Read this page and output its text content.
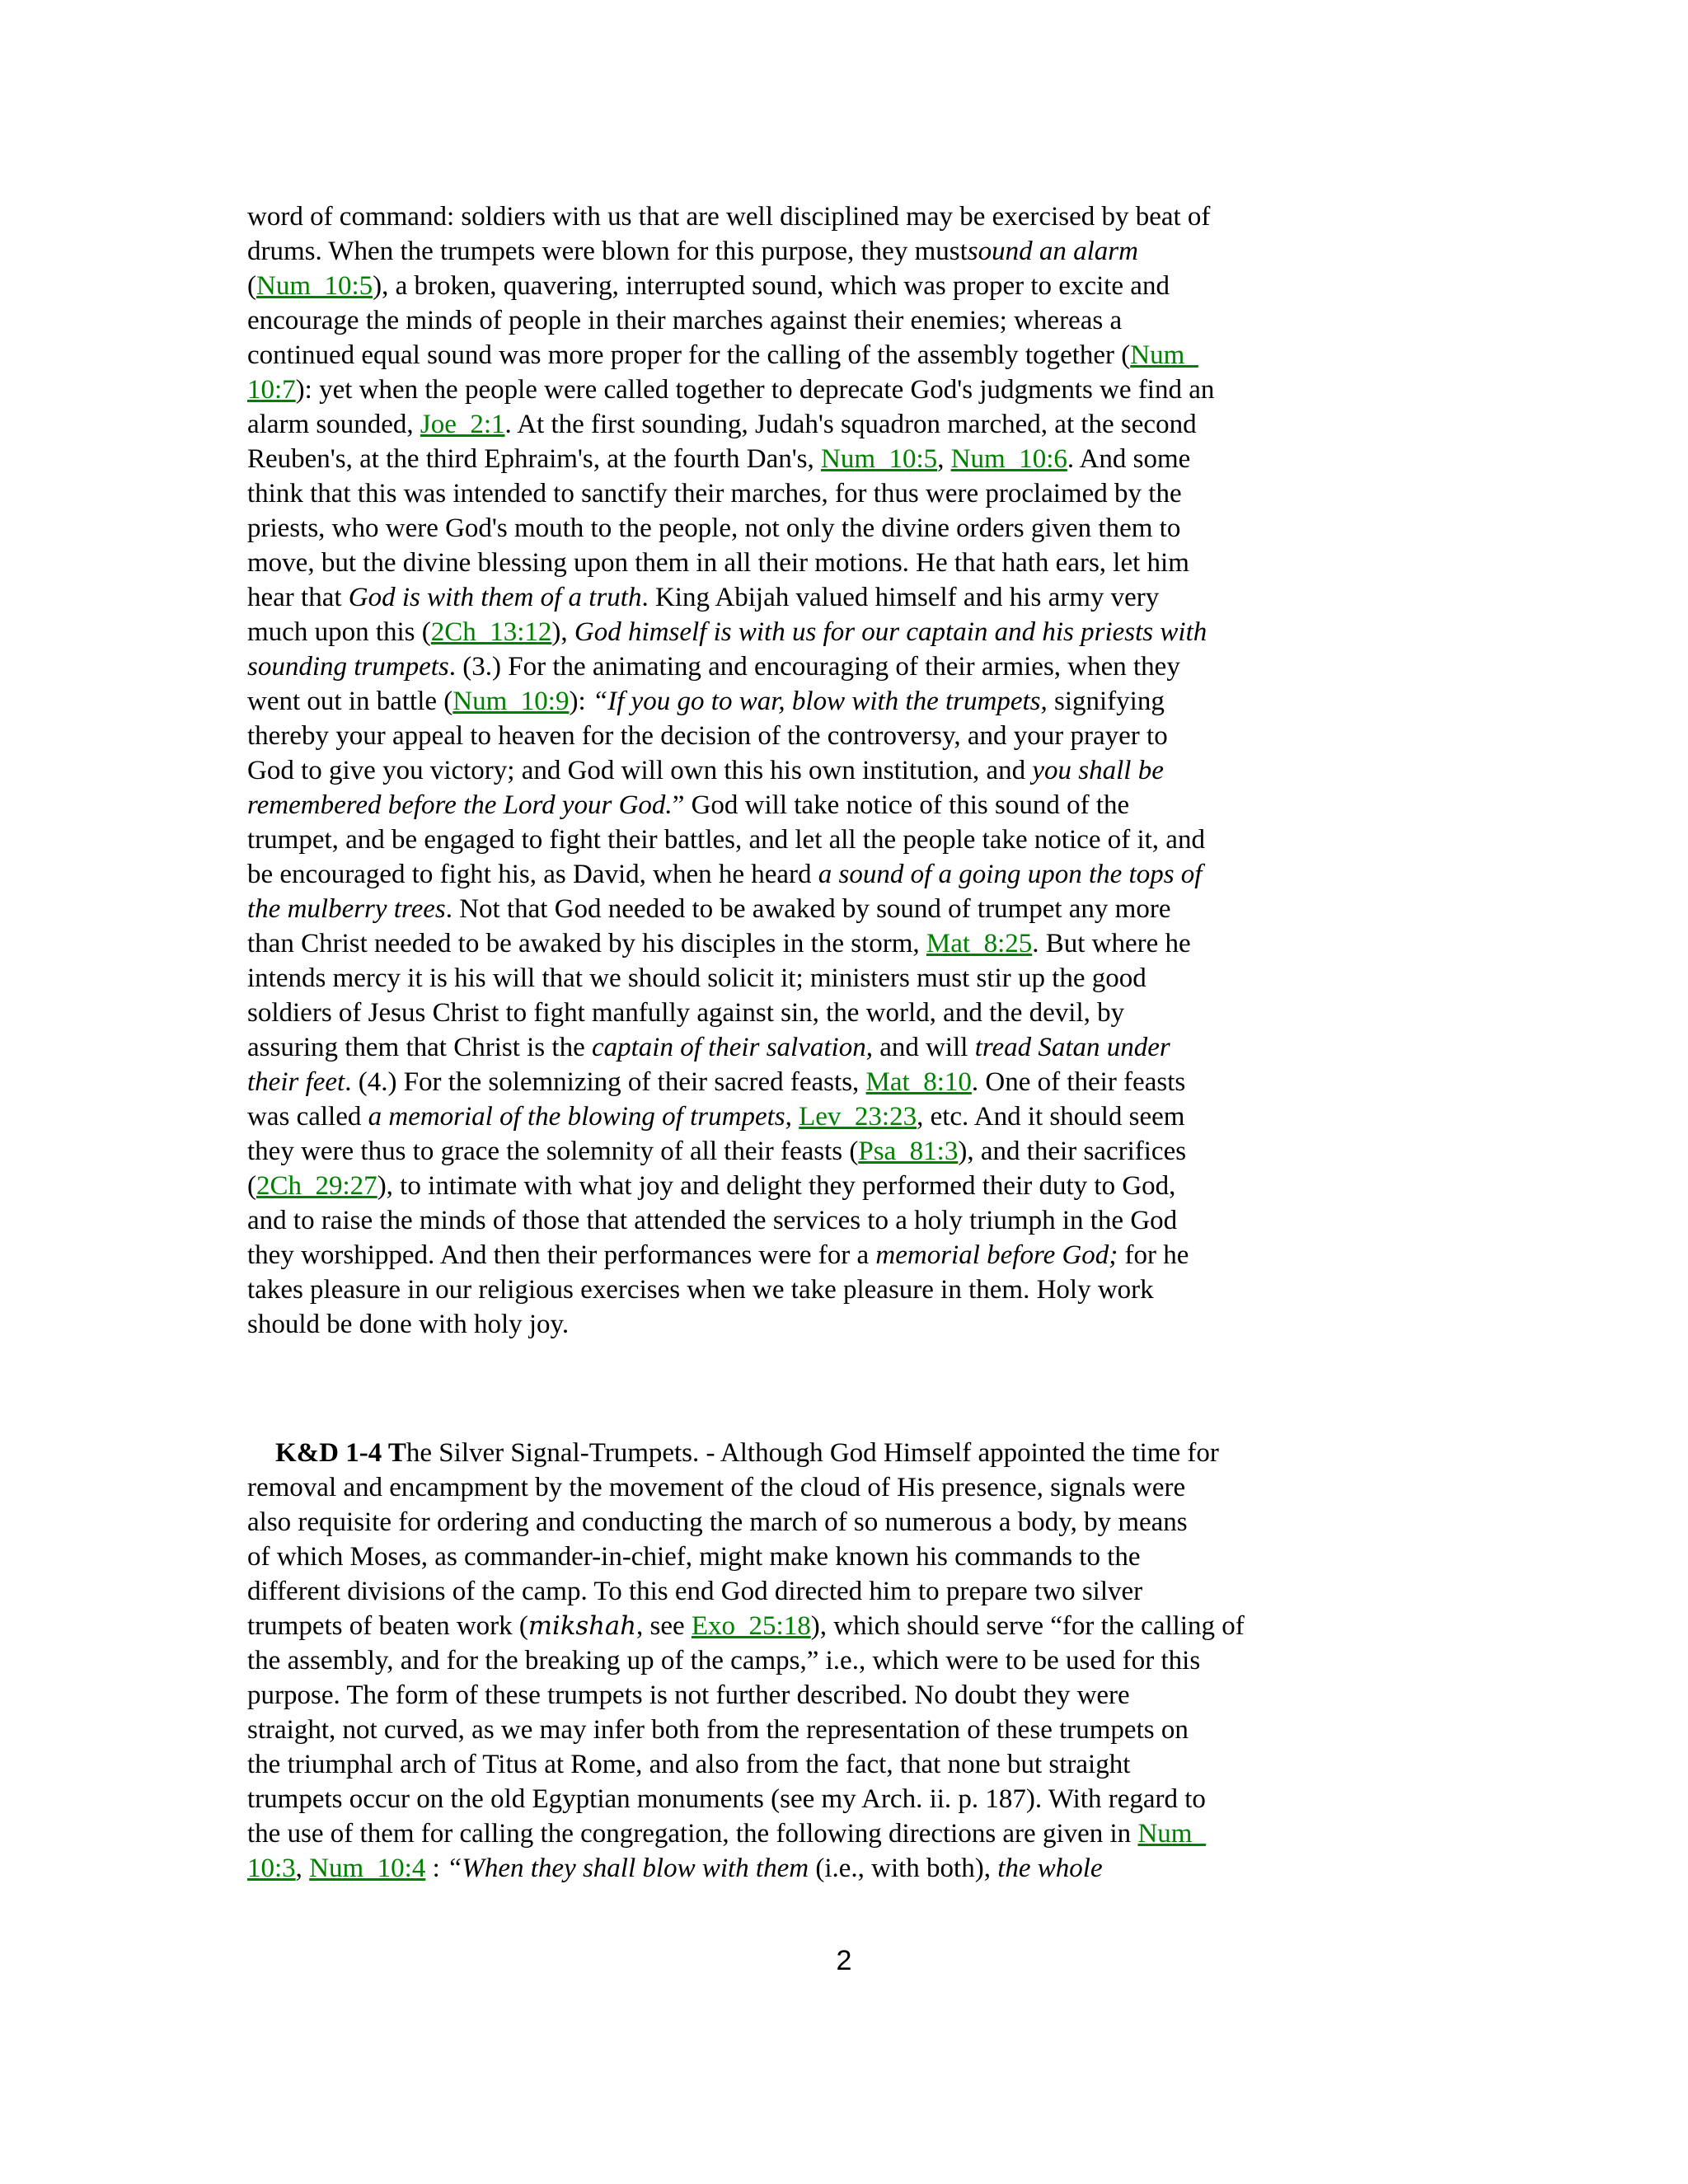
word of command: soldiers with us that are well disciplined may be exercised by beat of
drums. When the trumpets were blown for this purpose, they mustsound an alarm
(Num_10:5), a broken, quavering, interrupted sound, which was proper to excite and
encourage the minds of people in their marches against their enemies; whereas a
continued equal sound was more proper for the calling of the assembly together (Num_
10:7): yet when the people were called together to deprecate God's judgments we find an
alarm sounded, Joe_2:1. At the first sounding, Judah's squadron marched, at the second
Reuben's, at the third Ephraim's, at the fourth Dan's, Num_10:5, Num_10:6. And some
think that this was intended to sanctify their marches, for thus were proclaimed by the
priests, who were God's mouth to the people, not only the divine orders given them to
move, but the divine blessing upon them in all their motions. He that hath ears, let him
hear that God is with them of a truth. King Abijah valued himself and his army very
much upon this (2Ch_13:12), God himself is with us for our captain and his priests with
sounding trumpets. (3.) For the animating and encouraging of their armies, when they
went out in battle (Num_10:9): “If you go to war, blow with the trumpets, signifying
thereby your appeal to heaven for the decision of the controversy, and your prayer to
God to give you victory; and God will own this his own institution, and you shall be
remembered before the Lord your God.” God will take notice of this sound of the
trumpet, and be engaged to fight their battles, and let all the people take notice of it, and
be encouraged to fight his, as David, when he heard a sound of a going upon the tops of
the mulberry trees. Not that God needed to be awaked by sound of trumpet any more
than Christ needed to be awaked by his disciples in the storm, Mat_8:25. But where he
intends mercy it is his will that we should solicit it; ministers must stir up the good
soldiers of Jesus Christ to fight manfully against sin, the world, and the devil, by
assuring them that Christ is the captain of their salvation, and will tread Satan under
their feet. (4.) For the solemnizing of their sacred feasts, Mat_8:10. One of their feasts
was called a memorial of the blowing of trumpets, Lev_23:23, etc. And it should seem
they were thus to grace the solemnity of all their feasts (Psa_81:3), and their sacrifices
(2Ch_29:27), to intimate with what joy and delight they performed their duty to God,
and to raise the minds of those that attended the services to a holy triumph in the God
they worshipped. And then their performances were for a memorial before God; for he
takes pleasure in our religious exercises when we take pleasure in them. Holy work
should be done with holy joy.
K&D 1-4 The Silver Signal-Trumpets. - Although God Himself appointed the time for
removal and encampment by the movement of the cloud of His presence, signals were
also requisite for ordering and conducting the march of so numerous a body, by means
of which Moses, as commander-in-chief, might make known his commands to the
different divisions of the camp. To this end God directed him to prepare two silver
trumpets of beaten work (mikshah, see Exo_25:18), which should serve “for the calling of
the assembly, and for the breaking up of the camps,” i.e., which were to be used for this
purpose. The form of these trumpets is not further described. No doubt they were
straight, not curved, as we may infer both from the representation of these trumpets on
the triumphal arch of Titus at Rome, and also from the fact, that none but straight
trumpets occur on the old Egyptian monuments (see my Arch. ii. p. 187). With regard to
the use of them for calling the congregation, the following directions are given in Num_
10:3, Num_10:4 : “When they shall blow with them (i.e., with both), the whole
2
